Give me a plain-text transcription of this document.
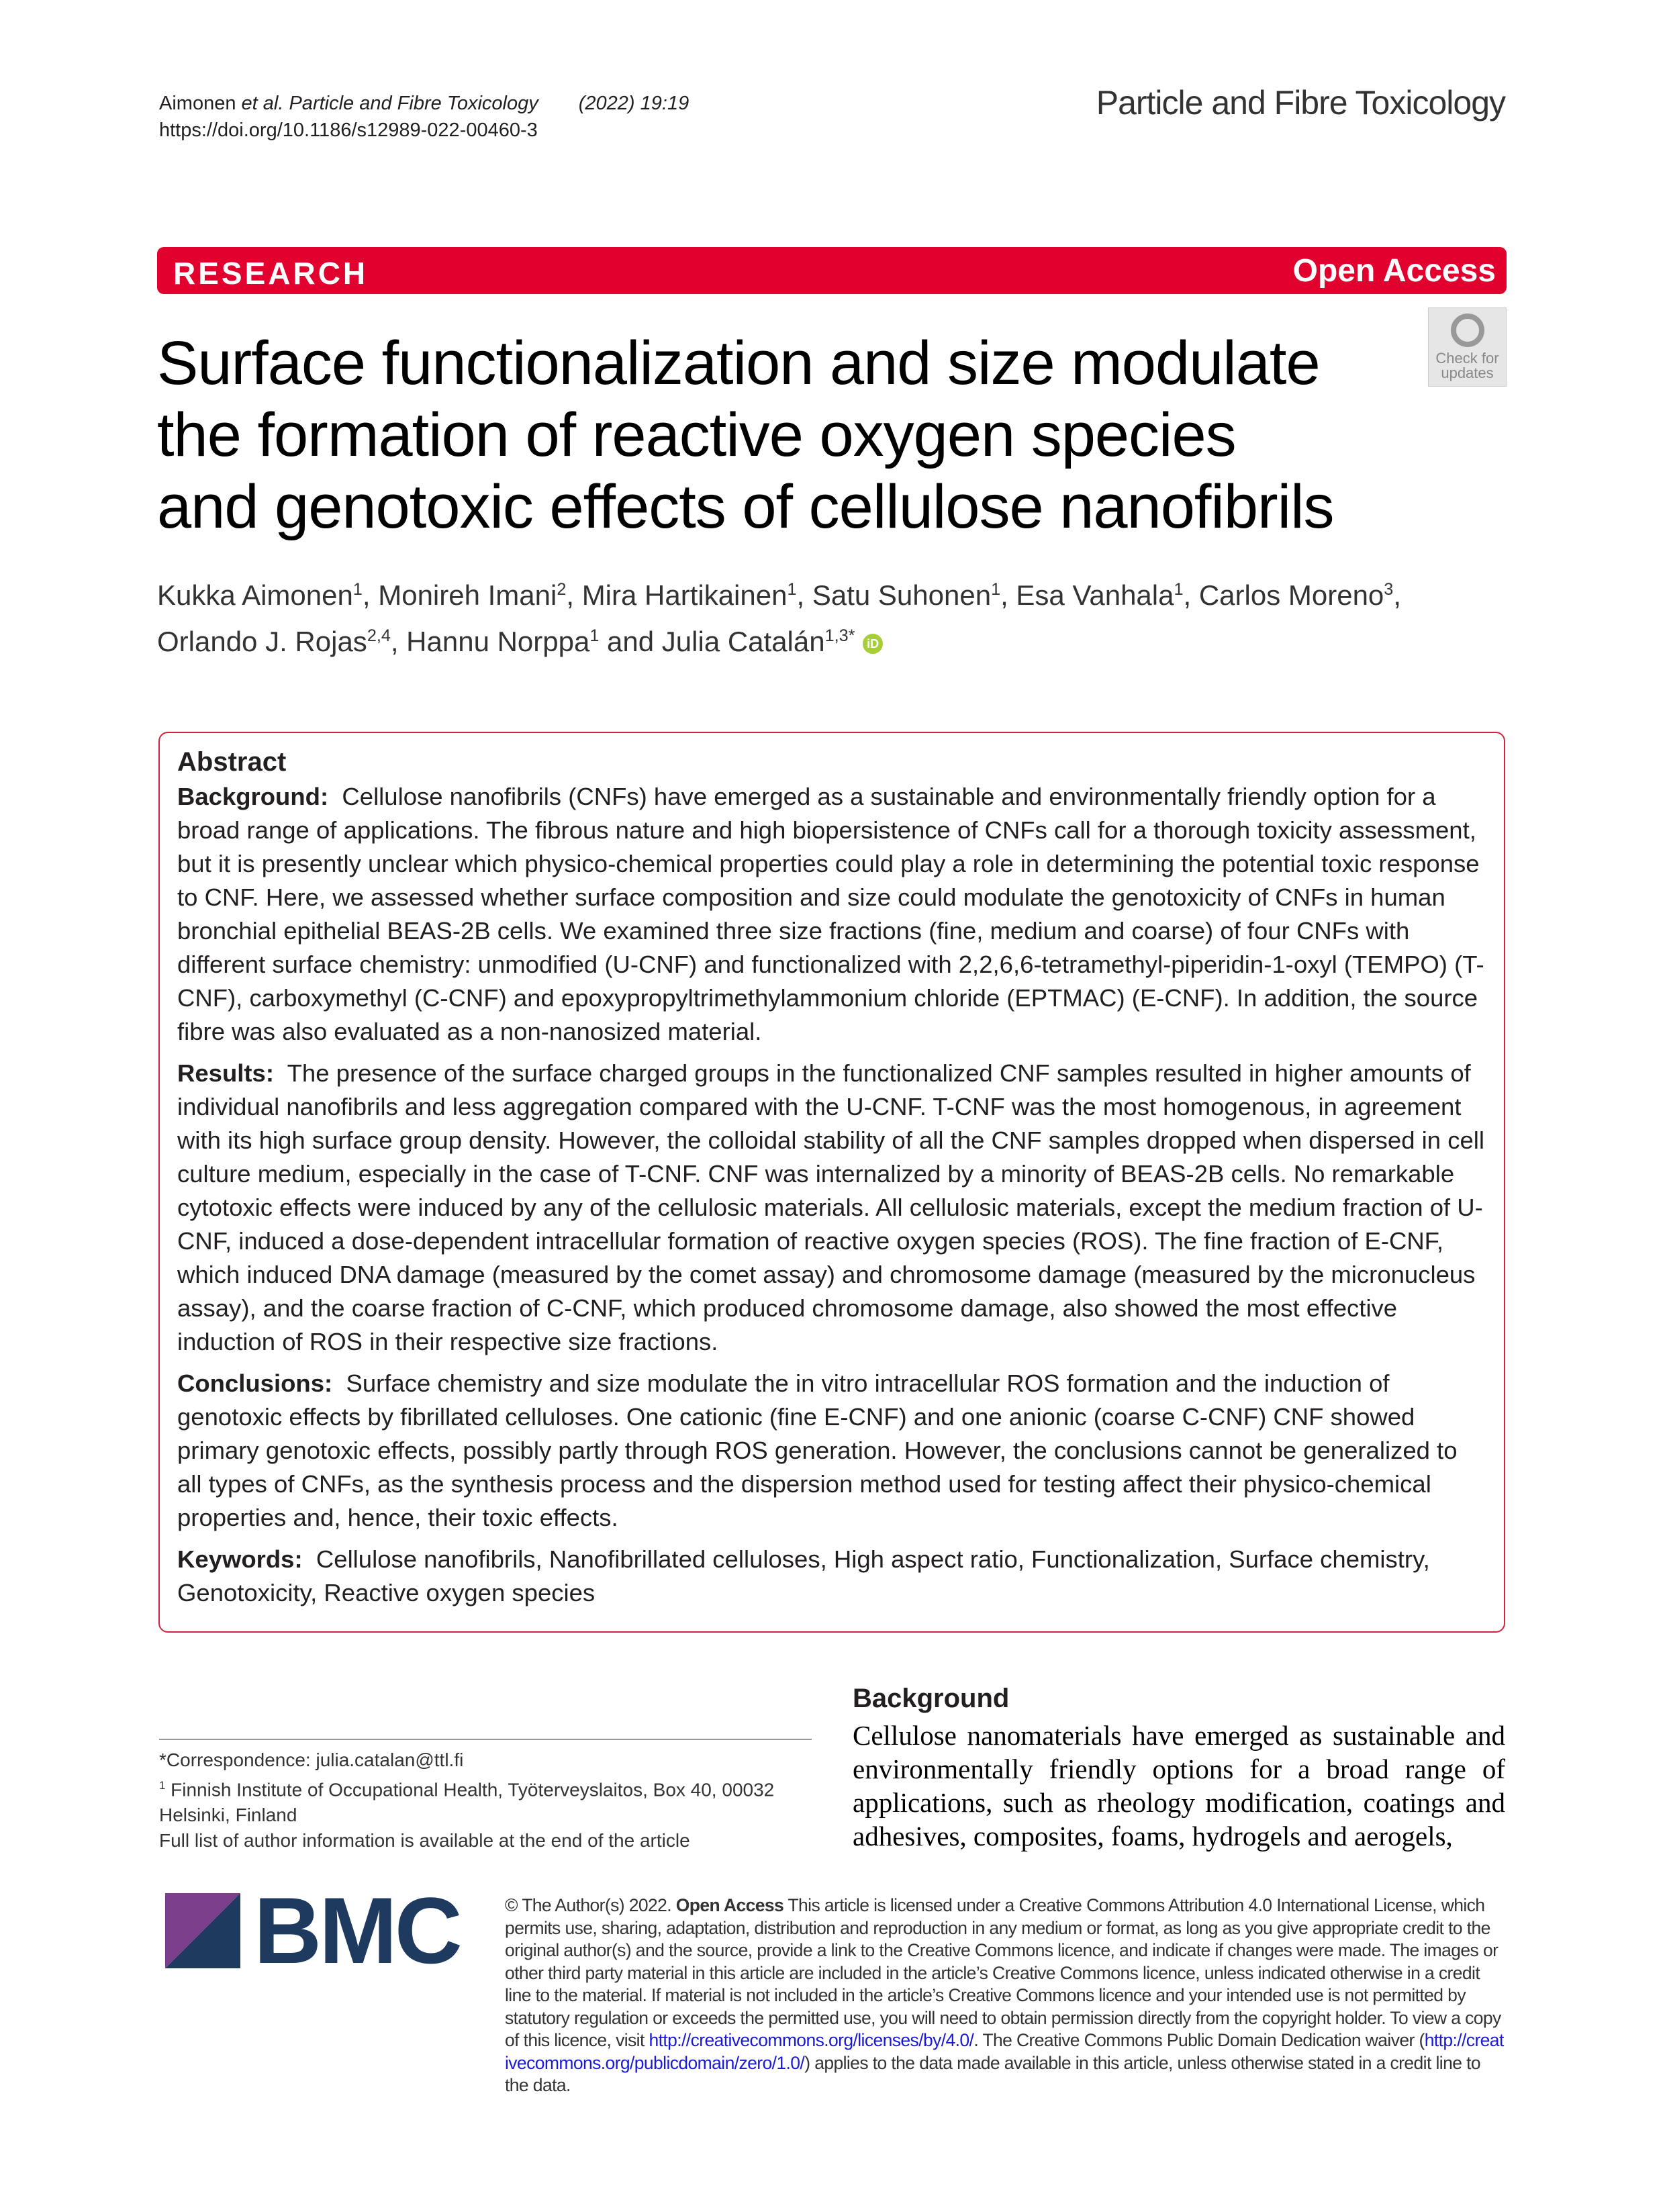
Aimonen et al. Particle and Fibre Toxicology (2022) 19:19
https://doi.org/10.1186/s12989-022-00460-3
Particle and Fibre Toxicology
RESEARCH	Open Access
Surface functionalization and size modulate
the formation of reactive oxygen species
and genotoxic effects of cellulose nanofibrils
Check for
updates
Kukka Aimonen$^1$, Monireh Imani$^2$, Mira Hartikainen$^1$, Satu Suhonen$^1$, Esa Vanhala$^1$, Carlos Moreno$^3$,
Orlando J. Rojas$^{2,4}$, Hannu Norppa$^1$ and Julia Catalán$^{1,3*}$ iD
Abstract

Background: Cellulose nanofibrils (CNFs) have emerged as a sustainable and environmentally friendly option for a broad range of applications. The fibrous nature and high biopersistence of CNFs call for a thorough toxicity assessment, but it is presently unclear which physico-chemical properties could play a role in determining the potential toxic response to CNF. Here, we assessed whether surface composition and size could modulate the genotoxicity of CNFs in human bronchial epithelial BEAS-2B cells. We examined three size fractions (fine, medium and coarse) of four CNFs with different surface chemistry: unmodified (U-CNF) and functionalized with 2,2,6,6-tetramethyl-piperidin-1-oxyl (TEMPO) (T-CNF), carboxymethyl (C-CNF) and epoxypropyltrimethylammonium chloride (EPTMAC) (E-CNF). In addition, the source fibre was also evaluated as a non-nanosized material.

Results: The presence of the surface charged groups in the functionalized CNF samples resulted in higher amounts of individual nanofibrils and less aggregation compared with the U-CNF. T-CNF was the most homogenous, in agreement with its high surface group density. However, the colloidal stability of all the CNF samples dropped when dispersed in cell culture medium, especially in the case of T-CNF. CNF was internalized by a minority of BEAS-2B cells. No remarkable cytotoxic effects were induced by any of the cellulosic materials. All cellulosic materials, except the medium fraction of U-CNF, induced a dose-dependent intracellular formation of reactive oxygen species (ROS). The fine fraction of E-CNF, which induced DNA damage (measured by the comet assay) and chromosome damage (measured by the micronucleus assay), and the coarse fraction of C-CNF, which produced chromosome damage, also showed the most effective induction of ROS in their respective size fractions.

Conclusions: Surface chemistry and size modulate the in vitro intracellular ROS formation and the induction of genotoxic effects by fibrillated celluloses. One cationic (fine E-CNF) and one anionic (coarse C-CNF) CNF showed primary genotoxic effects, possibly partly through ROS generation. However, the conclusions cannot be generalized to all types of CNFs, as the synthesis process and the dispersion method used for testing affect their physico-chemical properties and, hence, their toxic effects.

Keywords: Cellulose nanofibrils, Nanofibrillated celluloses, High aspect ratio, Functionalization, Surface chemistry, Genotoxicity, Reactive oxygen species

*Correspondence: julia.catalan@ttl.fi
$^1$ Finnish Institute of Occupational Health, Työterveyslaitos, Box 40, 00032 Helsinki, Finland
Full list of author information is available at the end of the article
Background

Cellulose nanomaterials have emerged as sustainable and environmentally friendly options for a broad range of applications, such as rheology modification, coatings and adhesives, composites, foams, hydrogels and aerogels,

BMC	© The Author(s) 2022. Open Access This article is licensed under a Creative Commons Attribution 4.0 International License, which permits use, sharing, adaptation, distribution and reproduction in any medium or format, as long as you give appropriate credit to the original author(s) and the source, provide a link to the Creative Commons licence, and indicate if changes were made. The images or other third party material in this article are included in the article’s Creative Commons licence, unless indicated otherwise in a credit line to the material. If material is not included in the article’s Creative Commons licence and your intended use is not permitted by statutory regulation or exceeds the permitted use, you will need to obtain permission directly from the copyright holder. To view a copy of this licence, visit http://creativecommons.org/licenses/by/4.0/. The Creative Commons Public Domain Dedication waiver (http://creativecommons.org/publicdomain/zero/1.0/) applies to the data made available in this article, unless otherwise stated in a credit line to the data.
